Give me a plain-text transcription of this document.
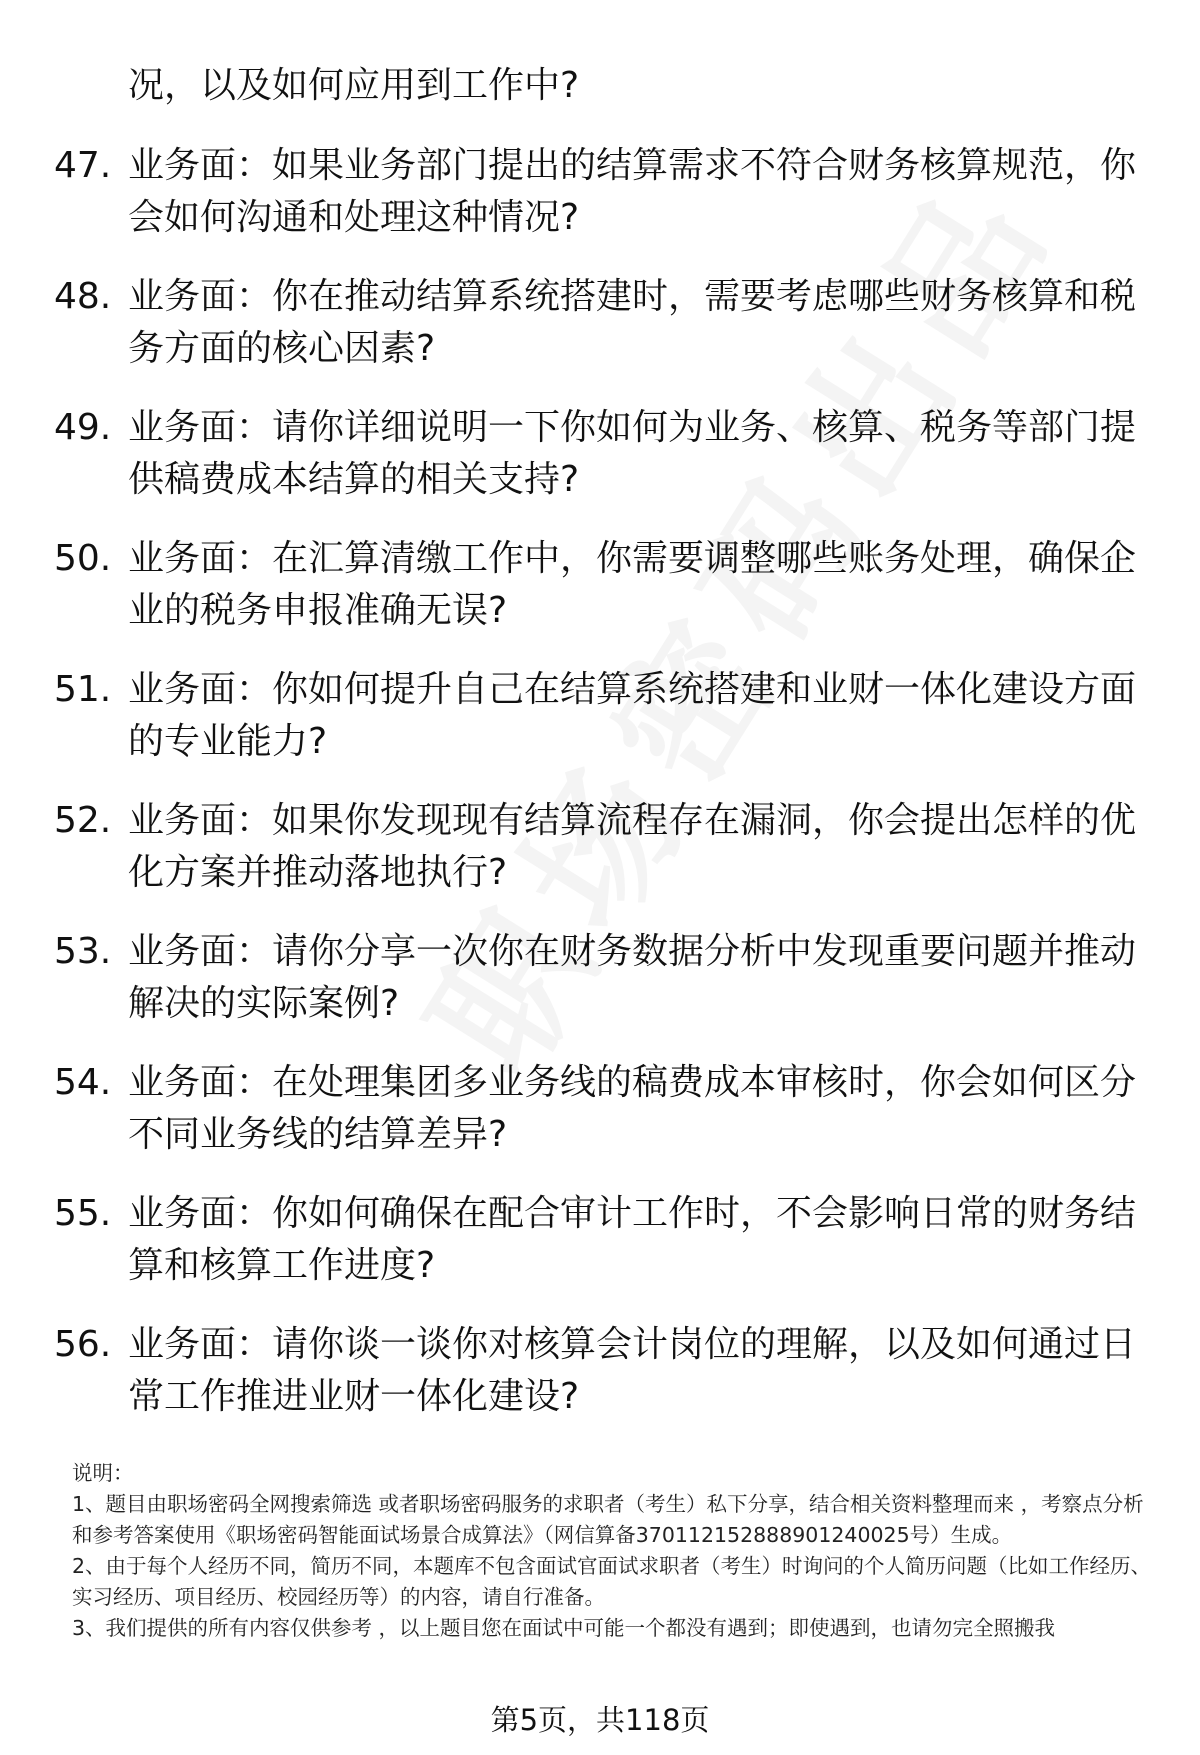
况，以及如何应用到工作中?
47. 业务面：如果业务部门提出的结算需求不符合财务核算规范，你会如何沟通和处理这种情况?
48. 业务面：你在推动结算系统搭建时，需要考虑哪些财务核算和税务方面的核心因素?
49. 业务面：请你详细说明一下你如何为业务、核算、税务等部门提供稿费成本结算的相关支持?
50. 业务面：在汇算清缴工作中，你需要调整哪些账务处理，确保企业的税务申报准确无误?
51. 业务面：你如何提升自己在结算系统搭建和业财一体化建设方面的专业能力?
52. 业务面：如果你发现现有结算流程存在漏洞，你会提出怎样的优化方案并推动落地执行?
53. 业务面：请你分享一次你在财务数据分析中发现重要问题并推动解决的实际案例?
54. 业务面：在处理集团多业务线的稿费成本审核时，你会如何区分不同业务线的结算差异?
55. 业务面：你如何确保在配合审计工作时，不会影响日常的财务结算和核算工作进度?
56. 业务面：请你谈一谈你对核算会计岗位的理解，以及如何通过日常工作推进业财一体化建设?

说明：

1、题目由职场密码全网搜索筛选 或者职场密码服务的求职者（考生）私下分享，结合相关资料整理而来 ，考察点分析和参考答案使用《职场密码智能面试场景合成算法》（网信算备370112152888901240025号）生成。

2、由于每个人经历不同，简历不同，本题库不包含面试官面试求职者（考生）时询问的个人简历问题（比如工作经历、实习经历、项目经历、校园经历等）的内容，请自行准备。

3、我们提供的所有内容仅供参考 ，以上题目您在面试中可能一个都没有遇到；即使遇到，也请勿完全照搬我

第5页，共118页
